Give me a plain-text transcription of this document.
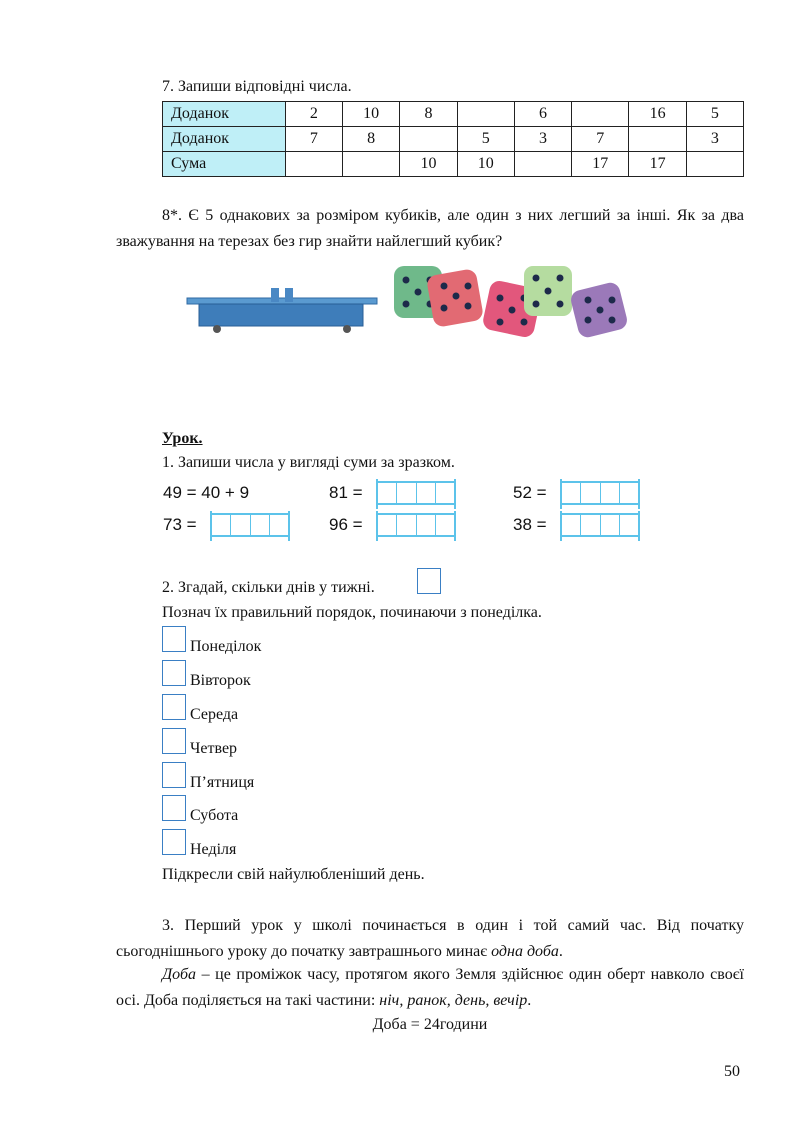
7. Запиши відповідні числа.
Доданок	2	10	8		6		16	5
Доданок	7	8		5	3	7		3
Сума			10	10		17	17	
8*. Є 5 однакових за розміром кубиків, але один з них легший за інші. Як за два зважування на терезах без гир знайти найлегший кубик?
Урок.
1. Запиши числа у вигляді суми за зразком.
49 = 40 + 9	81 =	52 =
73 =	96 =	38 =
2. Згадай, скільки днів у тижні.
Познач їх правильний порядок, починаючи з понеділка.
Понеділок
Вівторок
Середа
Четвер
П’ятниця
Субота
Неділя
Підкресли свій найулюбленіший день.
3. Перший урок у школі починається в один і той самий час. Від початку сьогоднішнього уроку до початку завтрашнього минає одна доба.
Доба – це проміжок часу, протягом якого Земля здійснює один оберт навколо своєї осі. Доба поділяється на такі частини: ніч, ранок, день, вечір.
Доба = 24години
50
